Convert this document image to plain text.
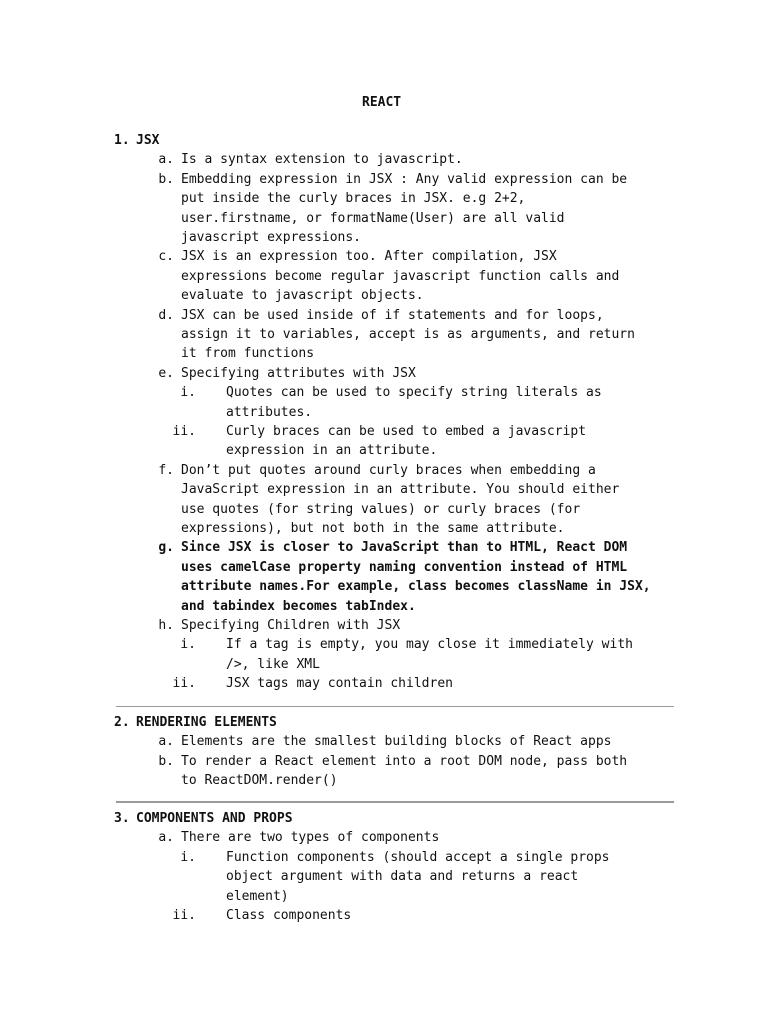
REACT
1. JSX
a. Is a syntax extension to javascript.
b. Embedding expression in JSX : Any valid expression can be
put inside the curly braces in JSX. e.g 2+2,
user.firstname, or formatName(User) are all valid
javascript expressions.
c. JSX is an expression too. After compilation, JSX
expressions become regular javascript function calls and
evaluate to javascript objects.
d. JSX can be used inside of if statements and for loops,
assign it to variables, accept is as arguments, and return
it from functions
e. Specifying attributes with JSX
i. Quotes can be used to specify string literals as
attributes.
ii. Curly braces can be used to embed a javascript
expression in an attribute.
f. Don’t put quotes around curly braces when embedding a
JavaScript expression in an attribute. You should either
use quotes (for string values) or curly braces (for
expressions), but not both in the same attribute.
g. Since JSX is closer to JavaScript than to HTML, React DOM
uses camelCase property naming convention instead of HTML
attribute names.For example, class becomes className in JSX,
and tabindex becomes tabIndex.
h. Specifying Children with JSX
i. If a tag is empty, you may close it immediately with
/>, like XML
ii. JSX tags may contain children
2. RENDERING ELEMENTS
a. Elements are the smallest building blocks of React apps
b. To render a React element into a root DOM node, pass both
to ReactDOM.render()
3. COMPONENTS AND PROPS
a. There are two types of components
i. Function components (should accept a single props
object argument with data and returns a react
element)
ii. Class components
